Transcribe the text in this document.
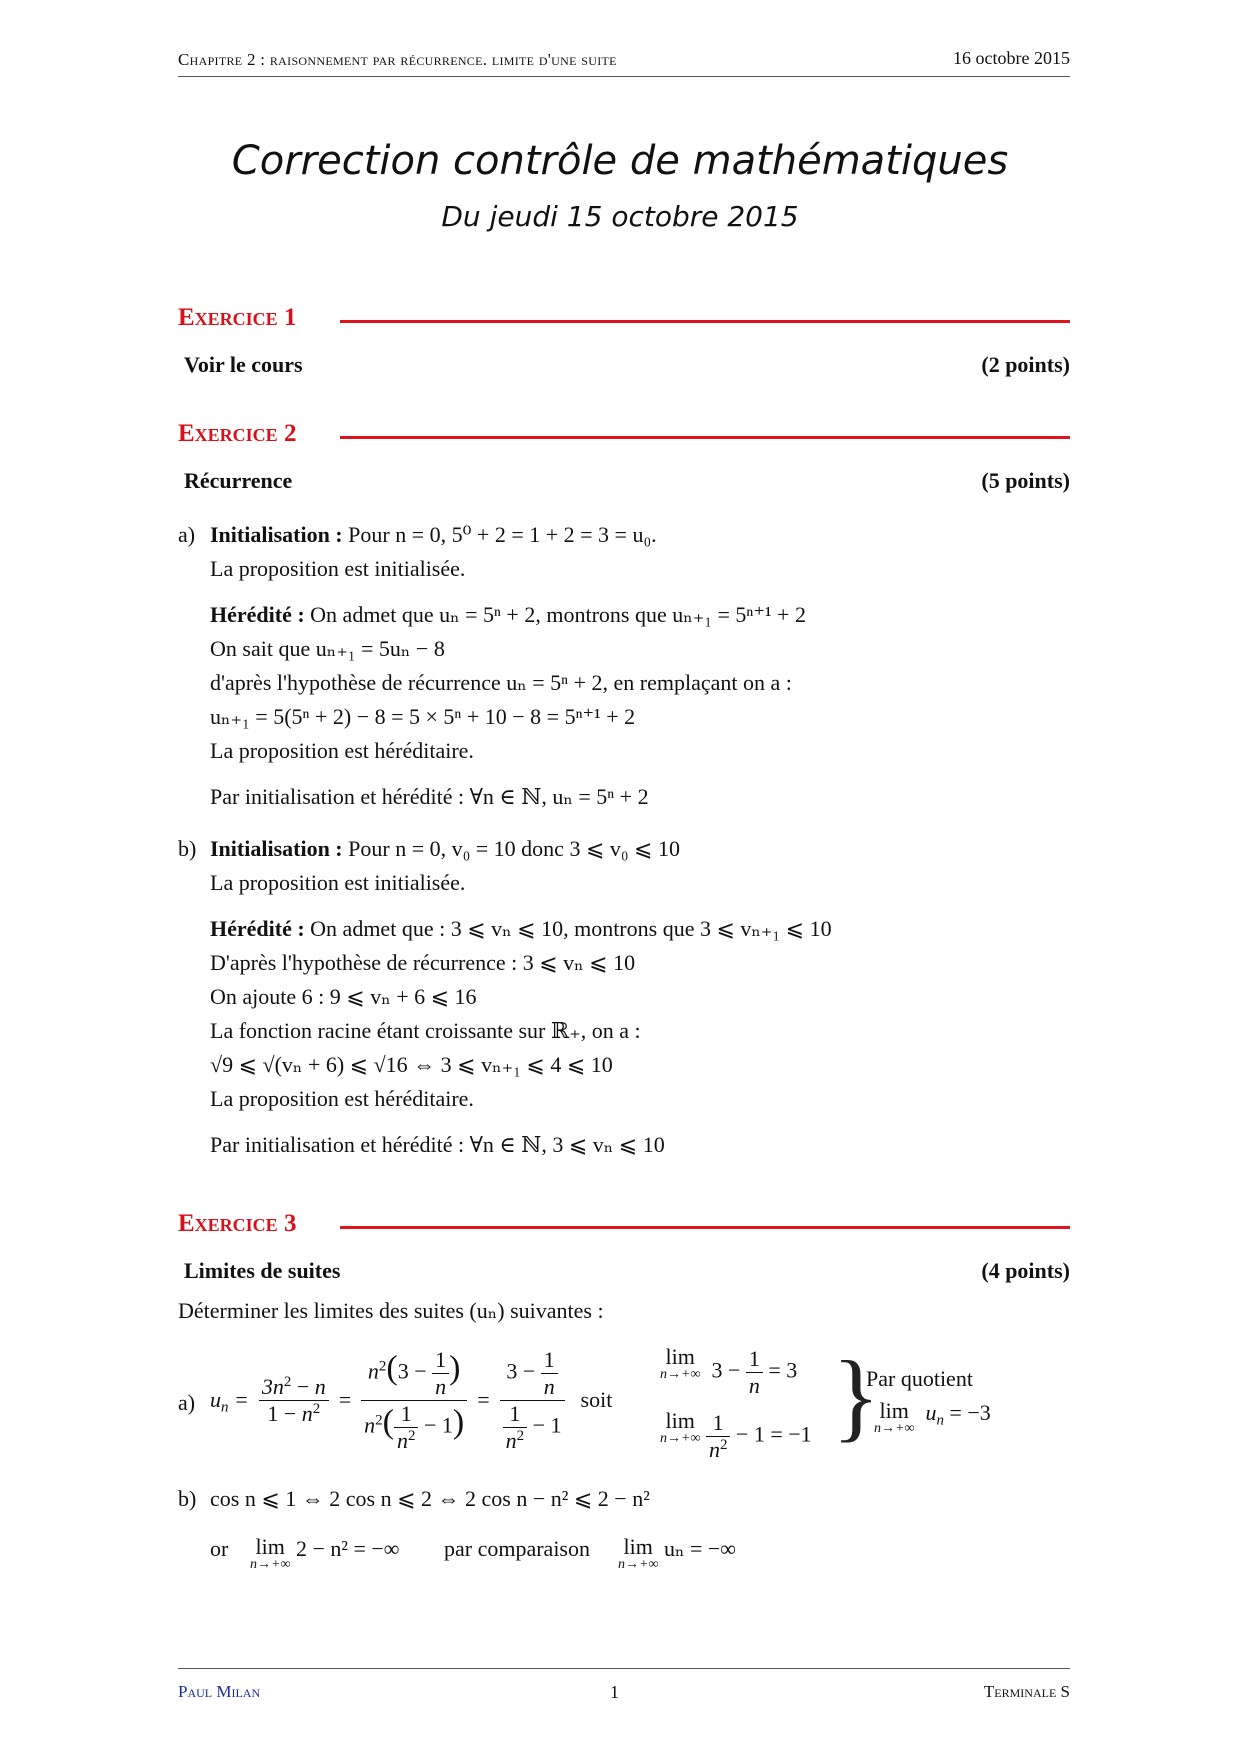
Chapitre 2 : raisonnement par récurrence. limite d'une suite	16 octobre 2015
Correction contrôle de mathématiques
Du jeudi 15 octobre 2015
Exercice 1
Voir le cours	(2 points)
Exercice 2
Récurrence	(5 points)
a) Initialisation : Pour n = 0, 5⁰ + 2 = 1 + 2 = 3 = u₀.
La proposition est initialisée.
Hérédité : On admet que uₙ = 5ⁿ + 2, montrons que uₙ₊₁ = 5ⁿ⁺¹ + 2
On sait que uₙ₊₁ = 5uₙ − 8
d'après l'hypothèse de récurrence uₙ = 5ⁿ + 2, en remplaçant on a :
uₙ₊₁ = 5(5ⁿ + 2) − 8 = 5 × 5ⁿ + 10 − 8 = 5ⁿ⁺¹ + 2
La proposition est héréditaire.
Par initialisation et hérédité : ∀n ∈ ℕ, uₙ = 5ⁿ + 2
b) Initialisation : Pour n = 0, v₀ = 10 donc 3 ⩽ v₀ ⩽ 10
La proposition est initialisée.
Hérédité : On admet que : 3 ⩽ vₙ ⩽ 10, montrons que 3 ⩽ vₙ₊₁ ⩽ 10
D'après l'hypothèse de récurrence : 3 ⩽ vₙ ⩽ 10
On ajoute 6 : 9 ⩽ vₙ + 6 ⩽ 16
La fonction racine étant croissante sur ℝ₊, on a :
√9 ⩽ √(vₙ + 6) ⩽ √16 ⇔ 3 ⩽ vₙ₊₁ ⩽ 4 ⩽ 10
La proposition est héréditaire.
Par initialisation et hérédité : ∀n ∈ ℕ, 3 ⩽ vₙ ⩽ 10
Exercice 3
Limites de suites	(4 points)
Déterminer les limites des suites (uₙ) suivantes :
a) $u_n = \frac{3n^2 - n}{1 - n^2} = \frac{n^2(3 - \frac{1}{n} )}{n^2( \frac{1}{n^2} - 1)} = \frac{3 - \frac{1}{n}}{\frac{1}{n^2} - 1}$ soit
lim
n→+∞ $3 - \frac{1}{n} = 3$
lim
n→+∞
$\frac{1}{n^2} - 1 = -1$ }
Par quotient
lim
n→+∞
$u_n = -3$
b) cos n ⩽ 1 ⇔ 2 cos n ⩽ 2 ⇔ 2 cos n − n² ⩽ 2 − n²
or lim
n→+∞
2 − n² = −∞ par comparaison lim
n→+∞
uₙ = −∞
Paul Milan	1	Terminale S
